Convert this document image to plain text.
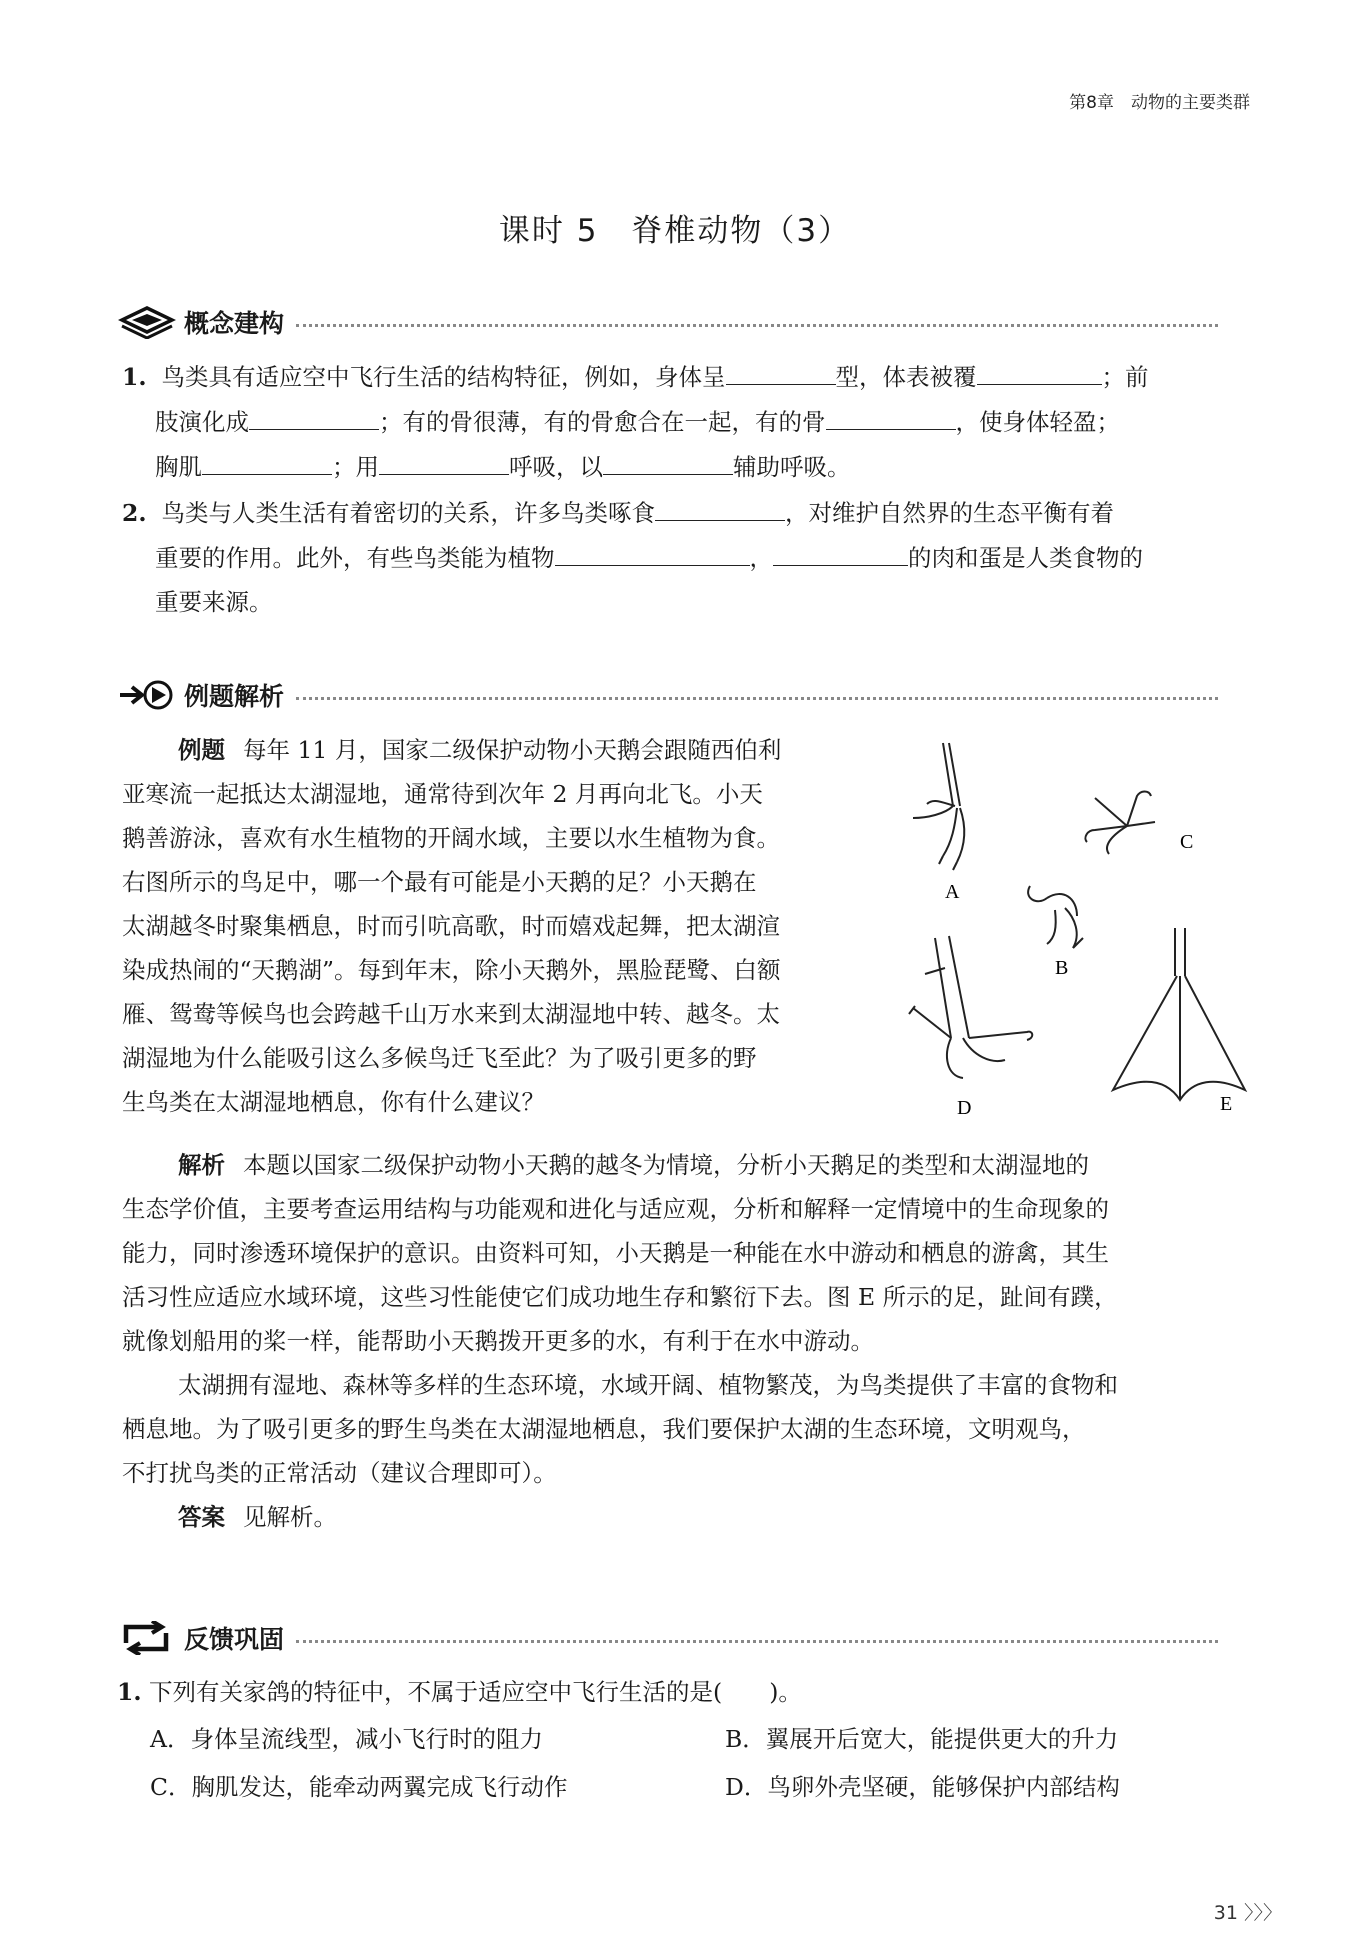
第8章　动物的主要类群
课时 5　脊椎动物（3）
概念建构
1. 鸟类具有适应空中飞行生活的结构特征，例如，身体呈	型，体表被覆	；前
肢演化成	；有的骨很薄，有的骨愈合在一起，有的骨	，使身体轻盈；
胸肌	；用	呼吸，以	辅助呼吸。
2. 鸟类与人类生活有着密切的关系，许多鸟类啄食	，对维护自然界的生态平衡有着
重要的作用。此外，有些鸟类能为植物	，	的肉和蛋是人类食物的
重要来源。
例题解析
例题 每年 11 月，国家二级保护动物小天鹅会跟随西伯利
亚寒流一起抵达太湖湿地，通常待到次年 2 月再向北飞。小天
鹅善游泳，喜欢有水生植物的开阔水域，主要以水生植物为食。
右图所示的鸟足中，哪一个最有可能是小天鹅的足？小天鹅在
太湖越冬时聚集栖息，时而引吭高歌，时而嬉戏起舞，把太湖渲
染成热闹的“天鹅湖”。每到年末，除小天鹅外，黑脸琵鹭、白额
雁、鸳鸯等候鸟也会跨越千山万水来到太湖湿地中转、越冬。太
湖湿地为什么能吸引这么多候鸟迁飞至此？为了吸引更多的野
生鸟类在太湖湿地栖息，你有什么建议？
A
C
B
D	E
解析 本题以国家二级保护动物小天鹅的越冬为情境，分析小天鹅足的类型和太湖湿地的
生态学价值，主要考查运用结构与功能观和进化与适应观，分析和解释一定情境中的生命现象的
能力，同时渗透环境保护的意识。由资料可知，小天鹅是一种能在水中游动和栖息的游禽，其生
活习性应适应水域环境，这些习性能使它们成功地生存和繁衍下去。图 E 所示的足，趾间有蹼，
就像划船用的桨一样，能帮助小天鹅拨开更多的水，有利于在水中游动。
太湖拥有湿地、森林等多样的生态环境，水域开阔、植物繁茂，为鸟类提供了丰富的食物和
栖息地。为了吸引更多的野生鸟类在太湖湿地栖息，我们要保护太湖的生态环境，文明观鸟，
不打扰鸟类的正常活动（建议合理即可）。
答案 见解析。
反馈巩固
1. 下列有关家鸽的特征中，不属于适应空中飞行生活的是(　　)。
A．身体呈流线型，减小飞行时的阻力	B．翼展开后宽大，能提供更大的升力
C．胸肌发达，能牵动两翼完成飞行动作	D．鸟卵外壳坚硬，能够保护内部结构
31 〉〉〉
